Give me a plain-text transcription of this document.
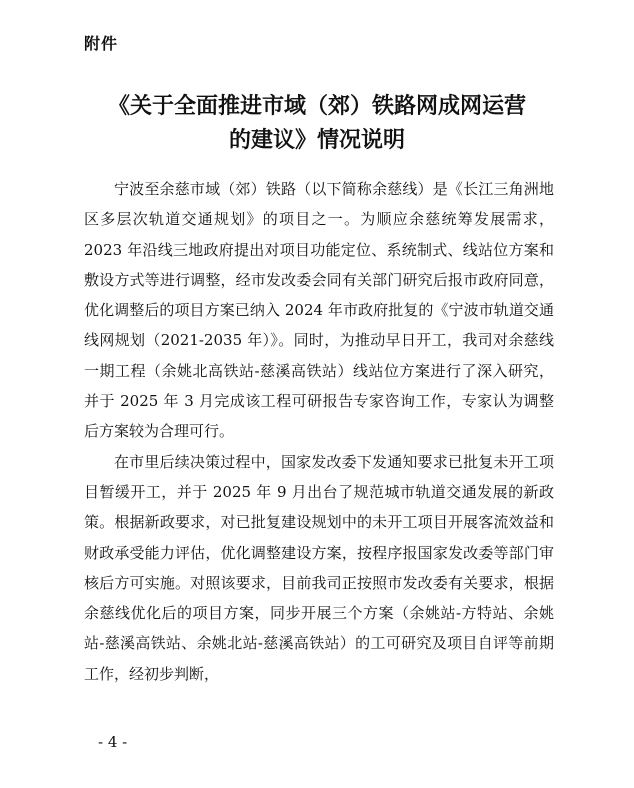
附件
《关于全面推进市域（郊）铁路网成网运营
的建议》情况说明

宁波至余慈市域（郊）铁路（以下简称余慈线）是《长江三角洲地区多层次轨道交通规划》的项目之一。为顺应余慈统筹发展需求，2023 年沿线三地政府提出对项目功能定位、系统制式、线站位方案和敷设方式等进行调整，经市发改委会同有关部门研究后报市政府同意，优化调整后的项目方案已纳入 2024 年市政府批复的《宁波市轨道交通线网规划（2021-2035 年）》。同时，为推动早日开工，我司对余慈线一期工程（余姚北高铁站-慈溪高铁站）线站位方案进行了深入研究，并于 2025 年 3 月完成该工程可研报告专家咨询工作，专家认为调整后方案较为合理可行。

在市里后续决策过程中，国家发改委下发通知要求已批复未开工项目暂缓开工，并于 2025 年 9 月出台了规范城市轨道交通发展的新政策。根据新政要求，对已批复建设规划中的未开工项目开展客流效益和财政承受能力评估，优化调整建设方案，按程序报国家发改委等部门审核后方可实施。对照该要求，目前我司正按照市发改委有关要求，根据余慈线优化后的项目方案，同步开展三个方案（余姚站-方特站、余姚站-慈溪高铁站、余姚北站-慈溪高铁站）的工可研究及项目自评等前期工作，经初步判断，

- 4 -
